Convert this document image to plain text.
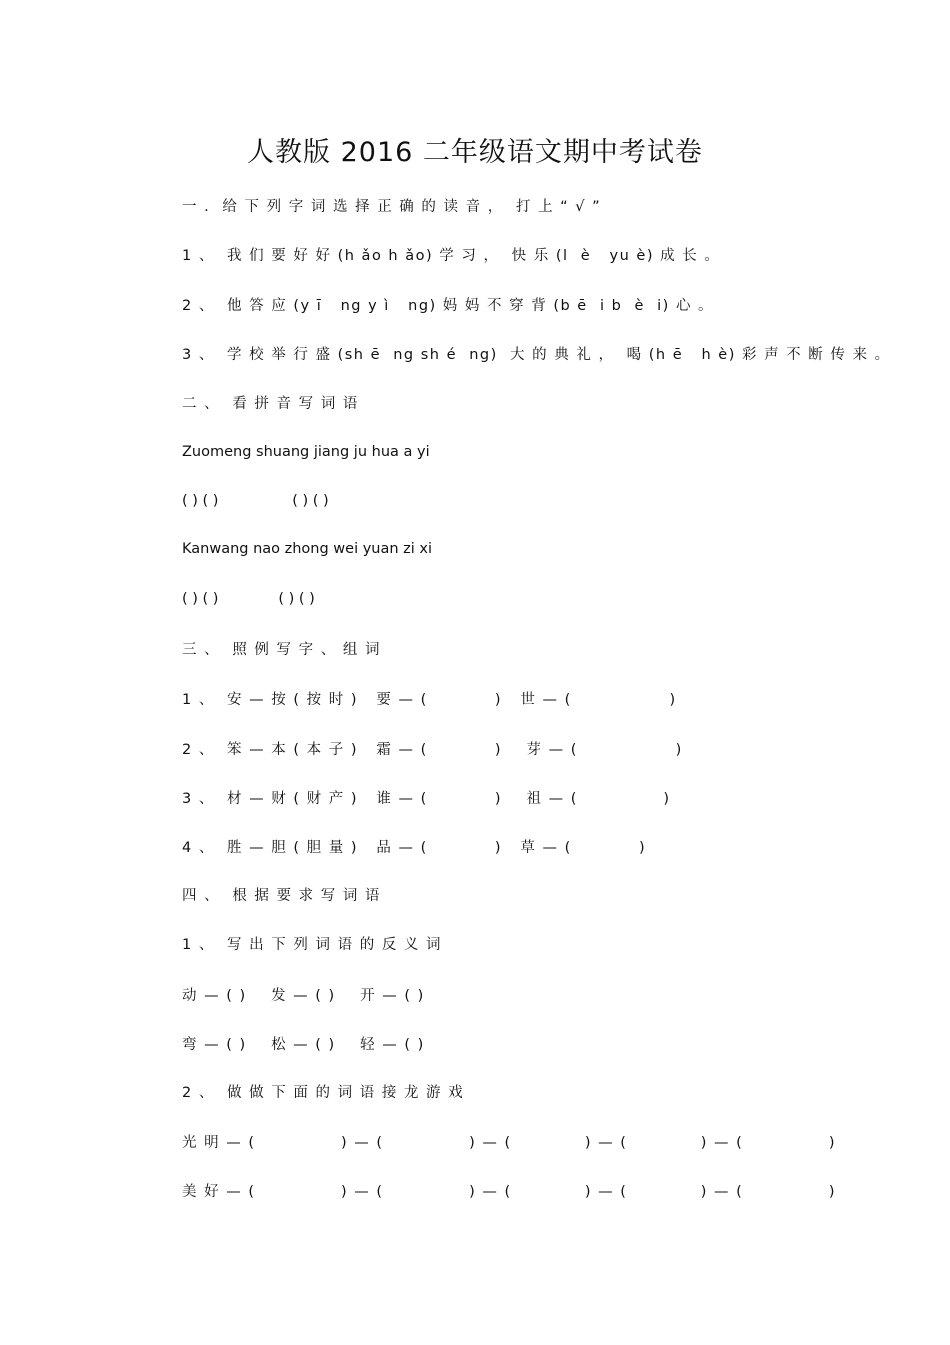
人教版 2016 二年级语文期中考试卷
一 .  给 下 列 字 词 选 择 正 确 的 读 音 ，  打 上 “ √ ”
1 、  我 们 要 好 好 (h ǎo h ǎo) 学 习 ，  快 乐 (l  è   yu è) 成 长 。
2 、  他 答 应 (y ī   ng y ì   ng) 妈 妈 不 穿 背 (b ē  i b  è  i) 心 。
3 、  学 校 举 行 盛 (sh ē  ng sh é  ng)  大 的 典 礼 ，  喝 (h ē   h è) 彩 声 不 断 传 来 。
二 、  看 拼 音 写 词 语
Zuomeng shuang jiang ju hua a yi
( ) ( )                ( ) ( )
Kanwang nao zhong wei yuan zi xi
( ) ( )             ( ) ( )
三 、  照 例 写 字 、 组 词
1 、  安 — 按 ( 按 时 )   要 — (           )   世 — (                )
2 、  笨 — 本 ( 本 子 )   霜 — (           )    芽 — (                )
3 、  材 — 财 ( 财 产 )   谁 — (           )    祖 — (              )
4 、  胜 — 胆 ( 胆 量 )   品 — (           )   草 — (           )
四 、  根 据 要 求 写 词 语
1 、  写 出 下 列 词 语 的 反 义 词
动 — ( )    发 — ( )    开 — ( )
弯 — ( )    松 — ( )    轻 — ( )
2 、  做 做 下 面 的 词 语 接 龙 游 戏
光 明 — (              ) — (              ) — (            ) — (            ) — (              )
美 好 — (              ) — (              ) — (            ) — (            ) — (              )
